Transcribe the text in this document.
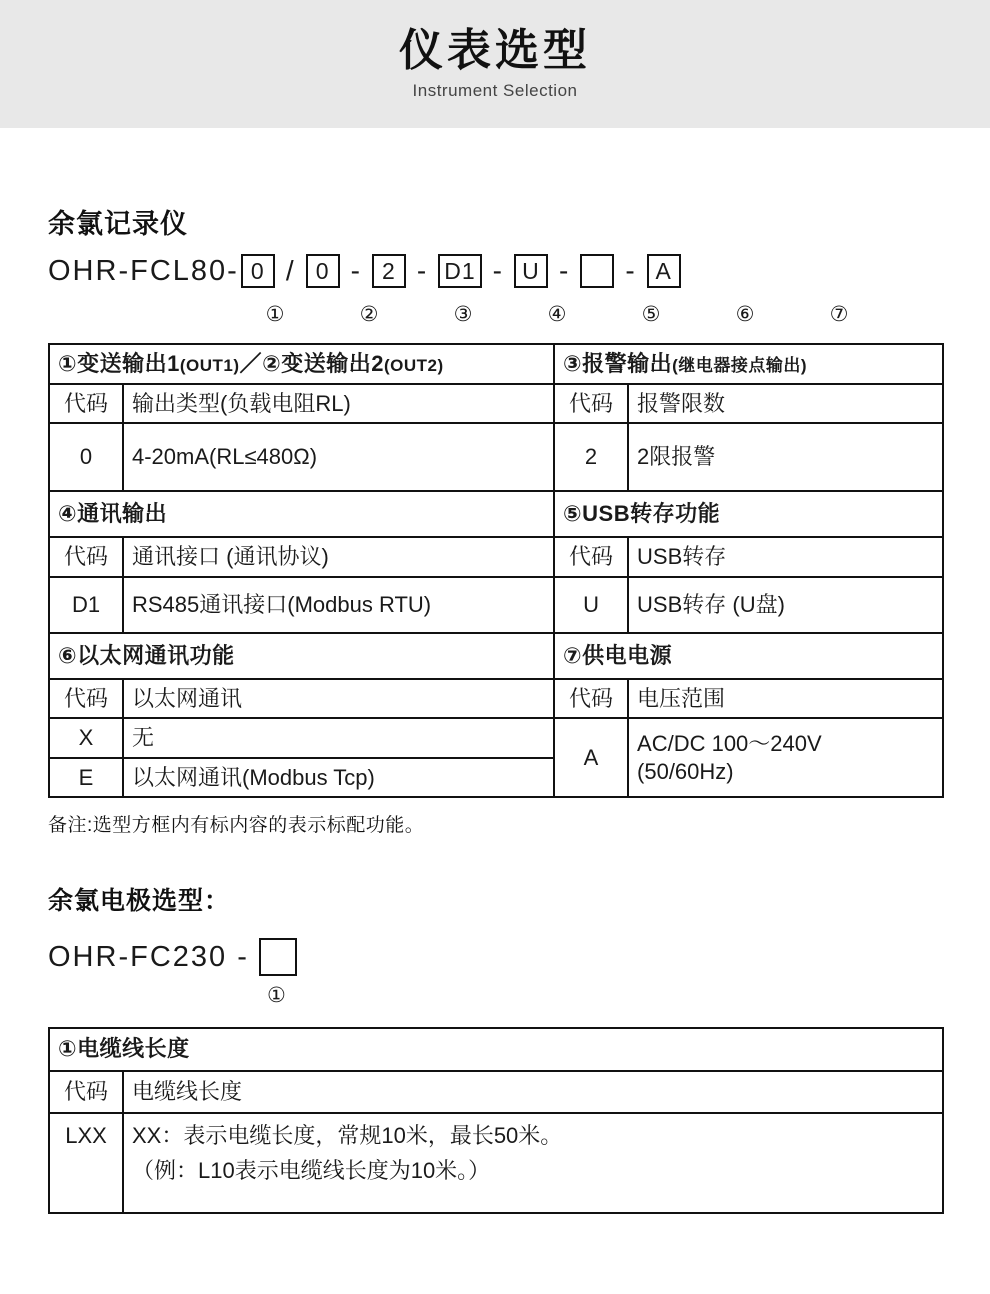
仪表选型
Instrument Selection
余氯记录仪
OHR-FCL80- 0 / 0 - 2 - D1 - U -	- A
①	②	③	④	⑤	⑥	⑦
①变送输出1(OUT1)／②变送输出2(OUT2)		③报警输出(继电器接点输出)	
代码	输出类型(负载电阻RL)	代码	报警限数
0	4-20mA(RL≤480Ω)	2	2限报警
④通讯输出		⑤USB转存功能	
代码	通讯接口 (通讯协议)	代码	USB转存
D1	RS485通讯接口(Modbus RTU)	U	USB转存 (U盘)
⑥以太网通讯功能		⑦供电电源	
代码	以太网通讯	代码	电压范围
X	无	A	AC/DC 100～240V
(50/60Hz)

E	以太网通讯(Modbus Tcp)		
备注:选型方框内有标内容的表示标配功能。
余氯电极选型：
OHR-FC230 -
①
①电缆线长度	
代码	电缆线长度
LXX	XX：表示电缆长度，常规10米，最长50米。
（例：L10表示电缆线长度为10米。）
